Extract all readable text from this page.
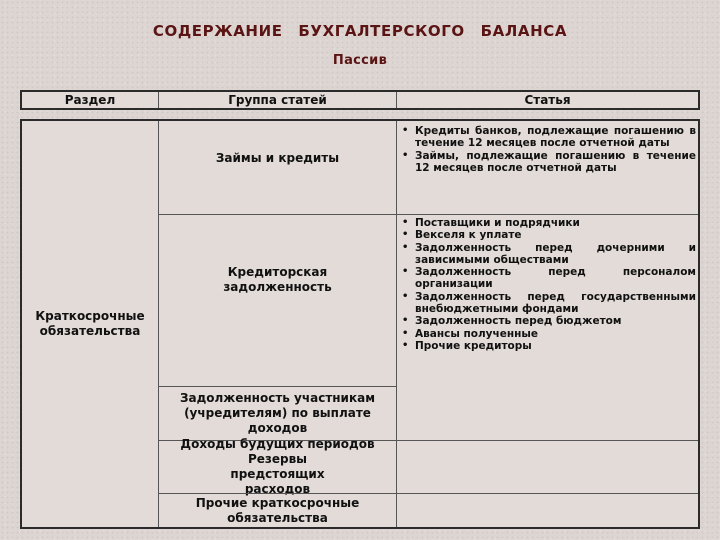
СОДЕРЖАНИЕ БУХГАЛТЕРСКОГО БАЛАНСА
Пассив
Раздел	Группа статей	Статья
Краткосрочные обязательства
Займы и кредиты
Кредиторская задолженность
Задолженность участникам (учредителям) по выплате доходов
Доходы будущих периодов
Резервы предстоящих расходов
Прочие краткосрочные обязательства
• Кредиты банков, подлежащие погашению в течение 12 месяцев после отчетной даты
• Займы, подлежащие погашению в течение 12 месяцев после отчетной даты
• Поставщики и подрядчики
• Векселя к уплате
• Задолженность перед дочерними и зависимыми обществами
• Задолженность перед персоналом организации
• Задолженность перед государственными внебюджетными фондами
• Задолженность перед бюджетом
• Авансы полученные
• Прочие кредиторы
